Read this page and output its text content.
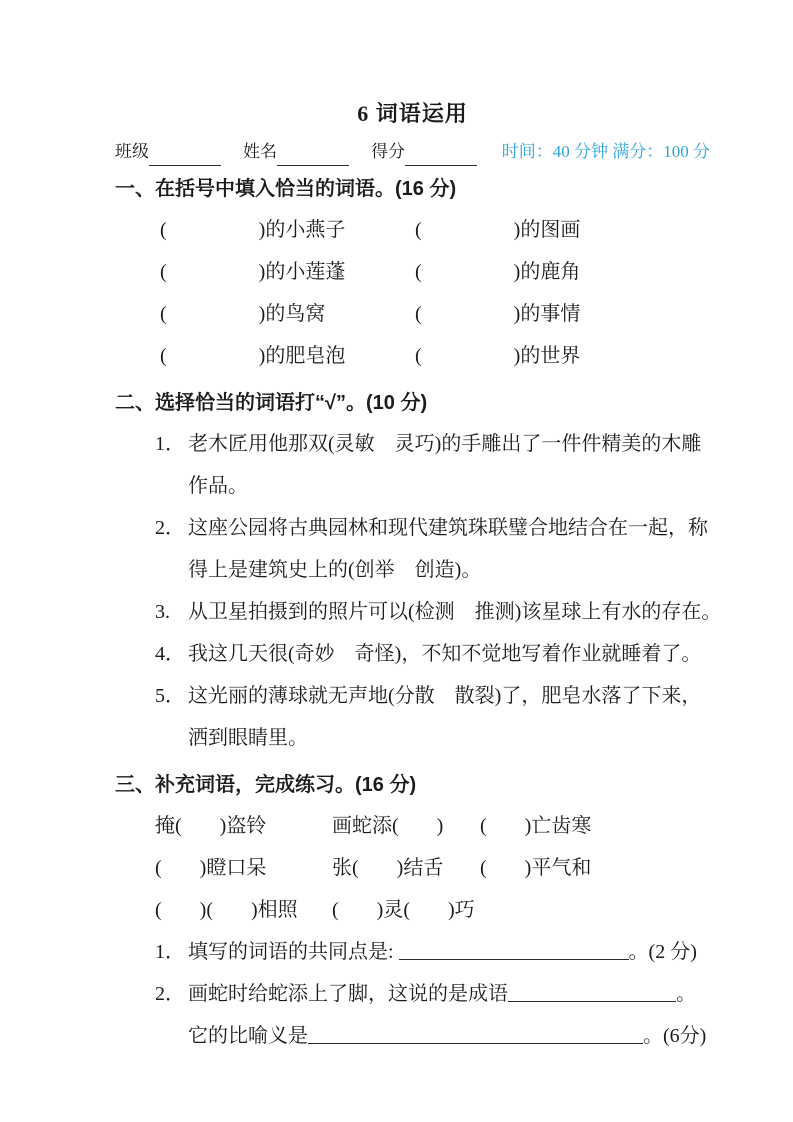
6 词语运用
班级	姓名	得分	时间：40 分钟 满分：100 分
一、在括号中填入恰当的词语。(16 分)
(	)的小燕子	(	)的图画
(	)的小莲蓬	(	)的鹿角
(	)的鸟窝	(	)的事情
(	)的肥皂泡	(	)的世界
二、选择恰当的词语打“√”。(10 分)
1． 老木匠用他那双(灵敏　灵巧)的手雕出了一件件精美的木雕
作品。
2． 这座公园将古典园林和现代建筑珠联璧合地结合在一起，称
得上是建筑史上的(创举　创造)。
3. 从卫星拍摄到的照片可以(检测　推测)该星球上有水的存在。
4． 我这几天很(奇妙　奇怪)，不知不觉地写着作业就睡着了。
5． 这光丽的薄球就无声地(分散　散裂)了，肥皂水落了下来，
洒到眼睛里。
三、补充词语，完成练习。(16 分)
掩( )盗铃	画蛇添( )	( )亡齿寒
( )瞪口呆	张( )结舌	( )平气和
( )( )相照	( )灵( )巧
1． 填写的词语的共同点是:	。(2 分)
2． 画蛇时给蛇添上了脚，这说的是成语	。
它的比喻义是	。(6分)
